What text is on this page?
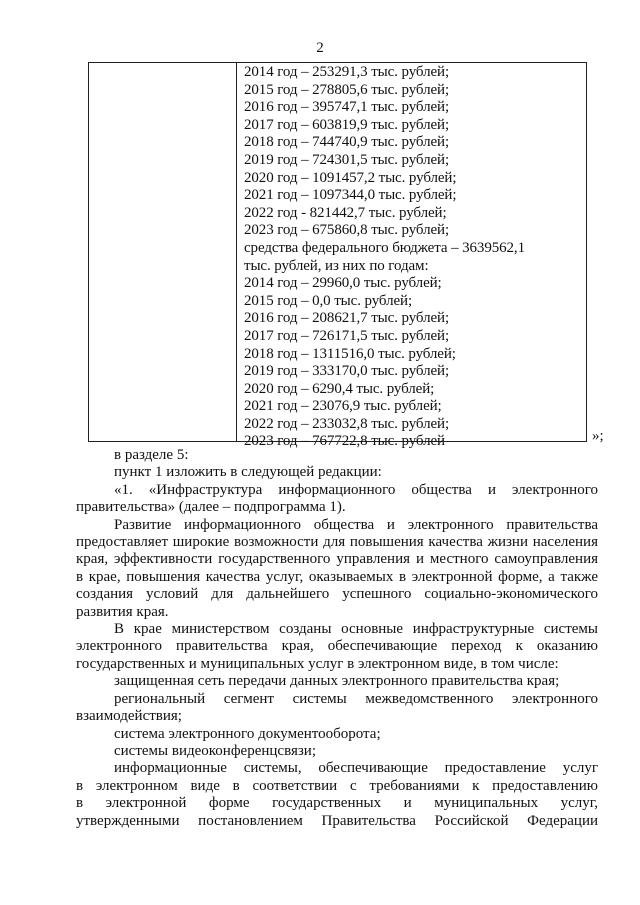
2
2014 год – 253291,3 тыс. рублей;
2015 год – 278805,6 тыс. рублей;
2016 год – 395747,1 тыс. рублей;
2017 год – 603819,9 тыс. рублей;
2018 год – 744740,9 тыс. рублей;
2019 год – 724301,5 тыс. рублей;
2020 год – 1091457,2 тыс. рублей;
2021 год – 1097344,0 тыс. рублей;
2022 год - 821442,7 тыс. рублей;
2023 год – 675860,8 тыс. рублей;
средства федерального бюджета – 3639562,1
тыс. рублей, из них по годам:
2014 год – 29960,0 тыс. рублей;
2015 год – 0,0 тыс. рублей;
2016 год – 208621,7 тыс. рублей;
2017 год – 726171,5 тыс. рублей;
2018 год – 1311516,0 тыс. рублей;
2019 год – 333170,0 тыс. рублей;
2020 год – 6290,4 тыс. рублей;
2021 год – 23076,9 тыс. рублей;
2022 год – 233032,8 тыс. рублей;
2023 год – 767722,8 тыс. рублей	»;
в разделе 5:
пункт 1 изложить в следующей редакции:
«1. «Инфраструктура информационного общества и электронного
правительства» (далее – подпрограмма 1).
Развитие информационного общества и электронного правительства
предоставляет широкие возможности для повышения качества жизни населения
края, эффективности государственного управления и местного самоуправления
в крае, повышения качества услуг, оказываемых в электронной форме, а также
создания условий для дальнейшего успешного социально-экономического
развития края.
В крае министерством созданы основные инфраструктурные системы
электронного правительства края, обеспечивающие переход к оказанию
государственных и муниципальных услуг в электронном виде, в том числе:
защищенная сеть передачи данных электронного правительства края;
региональный сегмент системы межведомственного электронного
взаимодействия;
система электронного документооборота;
системы видеоконференцсвязи;
информационные системы, обеспечивающие предоставление услуг
в электронном виде в соответствии с требованиями к предоставлению
в электронной форме государственных и муниципальных услуг,
утвержденными постановлением Правительства Российской Федерации
